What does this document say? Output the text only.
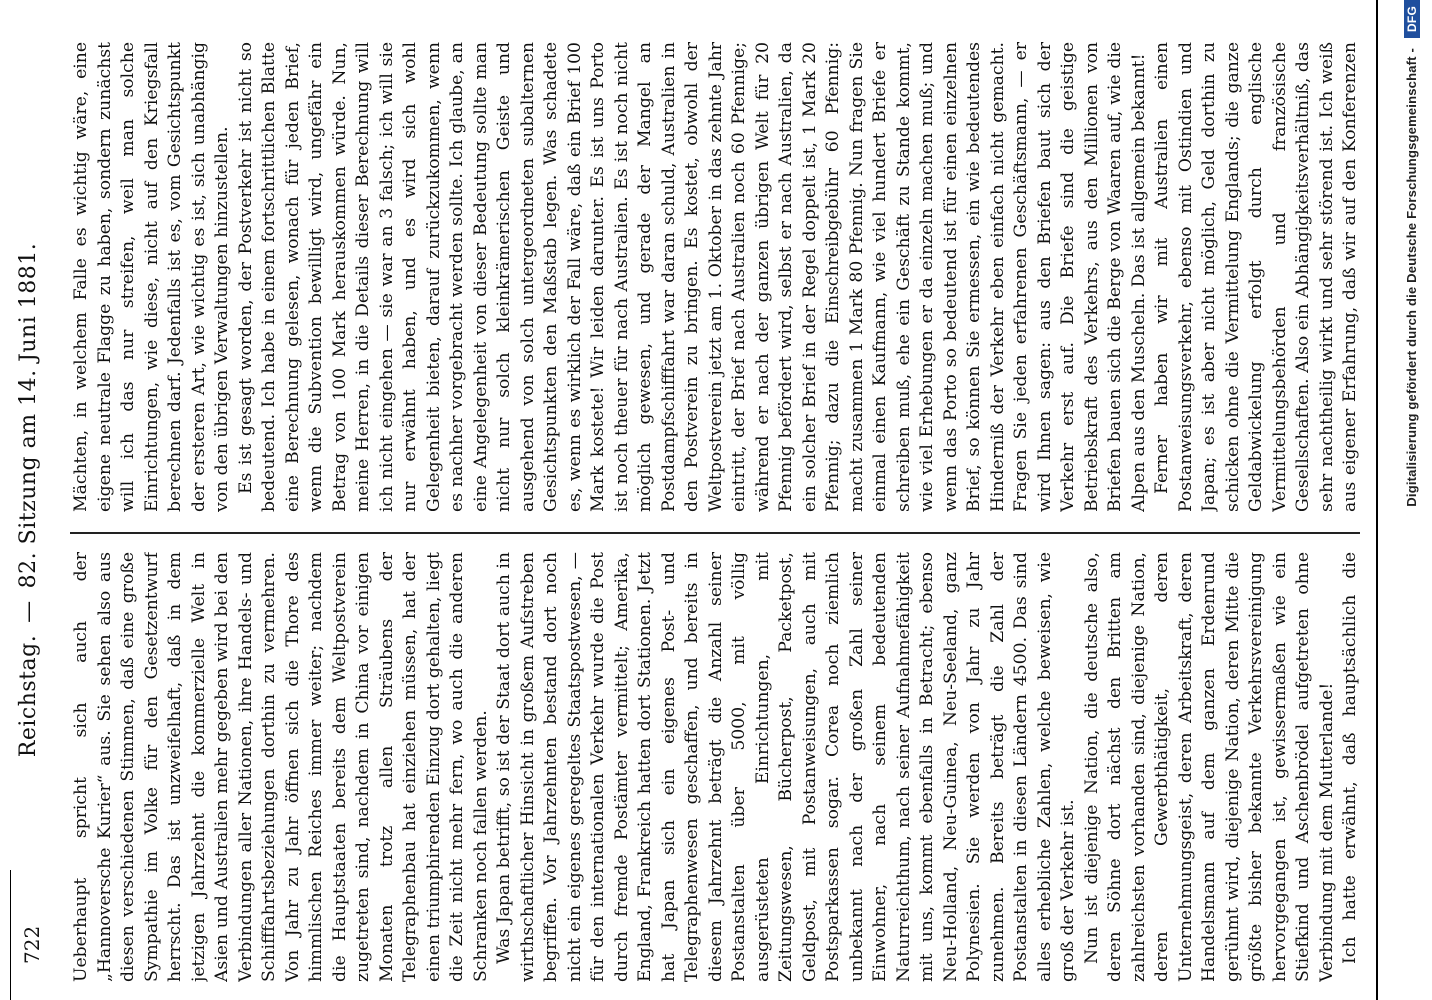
722
Reichstag.—82. Sitzung am 14. Juni 1881.

Ueberhaupt spricht sich auch der „Hannoversche Kurier“ aus. Sie sehen also aus diesen verschiedenen Stimmen, daß eine große Sympathie im Volke für den Gesetzentwurf herrscht. Das ist unzweifelhaft, daß in dem jetzigen Jahrzehnt die kommerzielle Welt in Asien und Australien mehr gegeben wird bei den Verbindungen aller Nationen, ihre Handels- und Schifffahrtsbeziehungen dorthin zu vermehren. Von Jahr zu Jahr öffnen sich die Thore des himmlischen Reiches immer weiter; nachdem die Hauptstaaten bereits dem Weltpostverein zugetreten sind, nachdem in China vor einigen Monaten trotz allen Sträubens der Telegraphenbau hat einziehen müssen, hat der einen triumphirenden Einzug dort gehalten, liegt die Zeit nicht mehr fern, wo auch die anderen Schranken noch fallen werden. Was Japan betrifft, so ist der Staat dort auch in wirthschaftlicher Hinsicht in großem Aufstreben begriffen. Vor Jahrzehnten bestand dort noch nicht ein eigenes geregeltes Staatspostwesen, — für den internationalen Verkehr wurde die Post durch fremde Postämter vermittelt; Amerika, England, Frankreich hatten dort Stationen. Jetzt hat Japan sich ein eigenes Post- und Telegraphenwesen geschaffen, und bereits in diesem Jahrzehnt beträgt die Anzahl seiner Postanstalten über 5000, mit völlig ausgerüsteten Einrichtungen, mit Zeitungswesen, Bücherpost, Packetpost, Geldpost, mit Postanweisungen, auch mit Postsparkassen sogar. Corea noch ziemlich unbekannt nach der großen Zahl seiner Einwohner, nach seinem bedeutenden Naturreichthum, nach seiner Aufnahmefähigkeit mit uns, kommt ebenfalls in Betracht; ebenso Neu-Holland, Neu-Guinea, Neu-Seeland, ganz Polynesien. Sie werden von Jahr zu Jahr zunehmen. Bereits beträgt die Zahl der Postanstalten in diesen Ländern 4500. Das sind alles erhebliche Zahlen, welche beweisen, wie groß der Verkehr ist. Nun ist diejenige Nation, die deutsche also, deren Söhne dort nächst den Britten am zahlreichsten vorhanden sind, diejenige Nation, deren Gewerbthätigkeit, deren Unternehmungsgeist, deren Arbeitskraft, deren Handelsmann auf dem ganzen Erdenrund gerühmt wird, diejenige Nation, deren Mitte die größte bisher bekannte Verkehrsvereinigung hervorgegangen ist, gewissermaßen wie ein Stiefkind und Aschenbrödel aufgetreten ohne Verbindung mit dem Mutterlande! Ich hatte erwähnt, daß hauptsächlich die

Mächten, in welchem Falle es wichtig wäre, eine eigene neutrale Flagge zu haben, sondern zunächst will ich das nur streifen, weil man solche Einrichtungen, wie diese, nicht auf den Kriegsfall berechnen darf. Jedenfalls ist es, vom Gesichtspunkt der ersteren Art, wie wichtig es ist, sich unabhängig von den übrigen Verwaltungen hinzustellen. Es ist gesagt worden, der Postverkehr ist nicht so bedeutend. Ich habe in einem fortschrittlichen Blatte eine Berechnung gelesen, wonach für jeden Brief, wenn die Subvention bewilligt wird, ungefähr ein Betrag von 100 Mark herauskommen würde. Nun, meine Herren, in die Details dieser Berechnung will ich nicht eingehen — sie war an 3 falsch; ich will sie nur erwähnt haben, und es wird sich wohl Gelegenheit bieten, darauf zurückzukommen, wenn es nachher vorgebracht werden sollte. Ich glaube, an eine Angelegenheit von dieser Bedeutung sollte man nicht nur solch kleinkrämerischen Geiste und ausgehend von solch untergeordneten subalternen Gesichtspunkten den Maßstab legen. Was schadete es, wenn es wirklich der Fall wäre, daß ein Brief 100 Mark kostete! Wir leiden darunter. Es ist uns Porto ist noch theuer für nach Australien. Es ist noch nicht möglich gewesen, und gerade der Mangel an Postdampfschifffahrt war daran schuld, Australien in den Postverein zu bringen. Es kostet, obwohl der Weltpostverein jetzt am 1. Oktober in das zehnte Jahr eintritt, der Brief nach Australien noch 60 Pfennige; während er nach der ganzen übrigen Welt für 20 Pfennig befördert wird, selbst er nach Australien, da ein solcher Brief in der Regel doppelt ist, 1 Mark 20 Pfennig; dazu die Einschreibgebühr 60 Pfennig: macht zusammen 1 Mark 80 Pfennig. Nun fragen Sie einmal einen Kaufmann, wie viel hundert Briefe er schreiben muß, ehe ein Geschäft zu Stande kommt, wie viel Erhebungen er da einzeln machen muß; und wenn das Porto so bedeutend ist für einen einzelnen Brief, so können Sie ermessen, ein wie bedeutendes Hinderniß der Verkehr eben einfach nicht gemacht. Fragen Sie jeden erfahrenen Geschäftsmann, — er wird Ihnen sagen: aus den Briefen baut sich der Verkehr erst auf. Die Briefe sind die geistige Betriebskraft des Verkehrs, aus den Millionen von Briefen bauen sich die Berge von Waaren auf, wie die Alpen aus den Muscheln. Das ist allgemein bekannt! Ferner haben wir mit Australien einen Postanweisungsverkehr, ebenso mit Ostindien und Japan; es ist aber nicht möglich, Geld dorthin zu schicken ohne die Vermittelung Englands; die ganze Geldabwickelung erfolgt durch englische Vermittelungsbehörden und französische Gesellschaften. Also ein Abhängigkeitsverhältniß, das sehr nachtheilig wirkt und sehr störend ist. Ich weiß aus eigener Erfahrung, daß wir auf den Konferenzen	Digitalisierung gefördert durch die Deutsche Forschungsgemeinschaft -DFG
